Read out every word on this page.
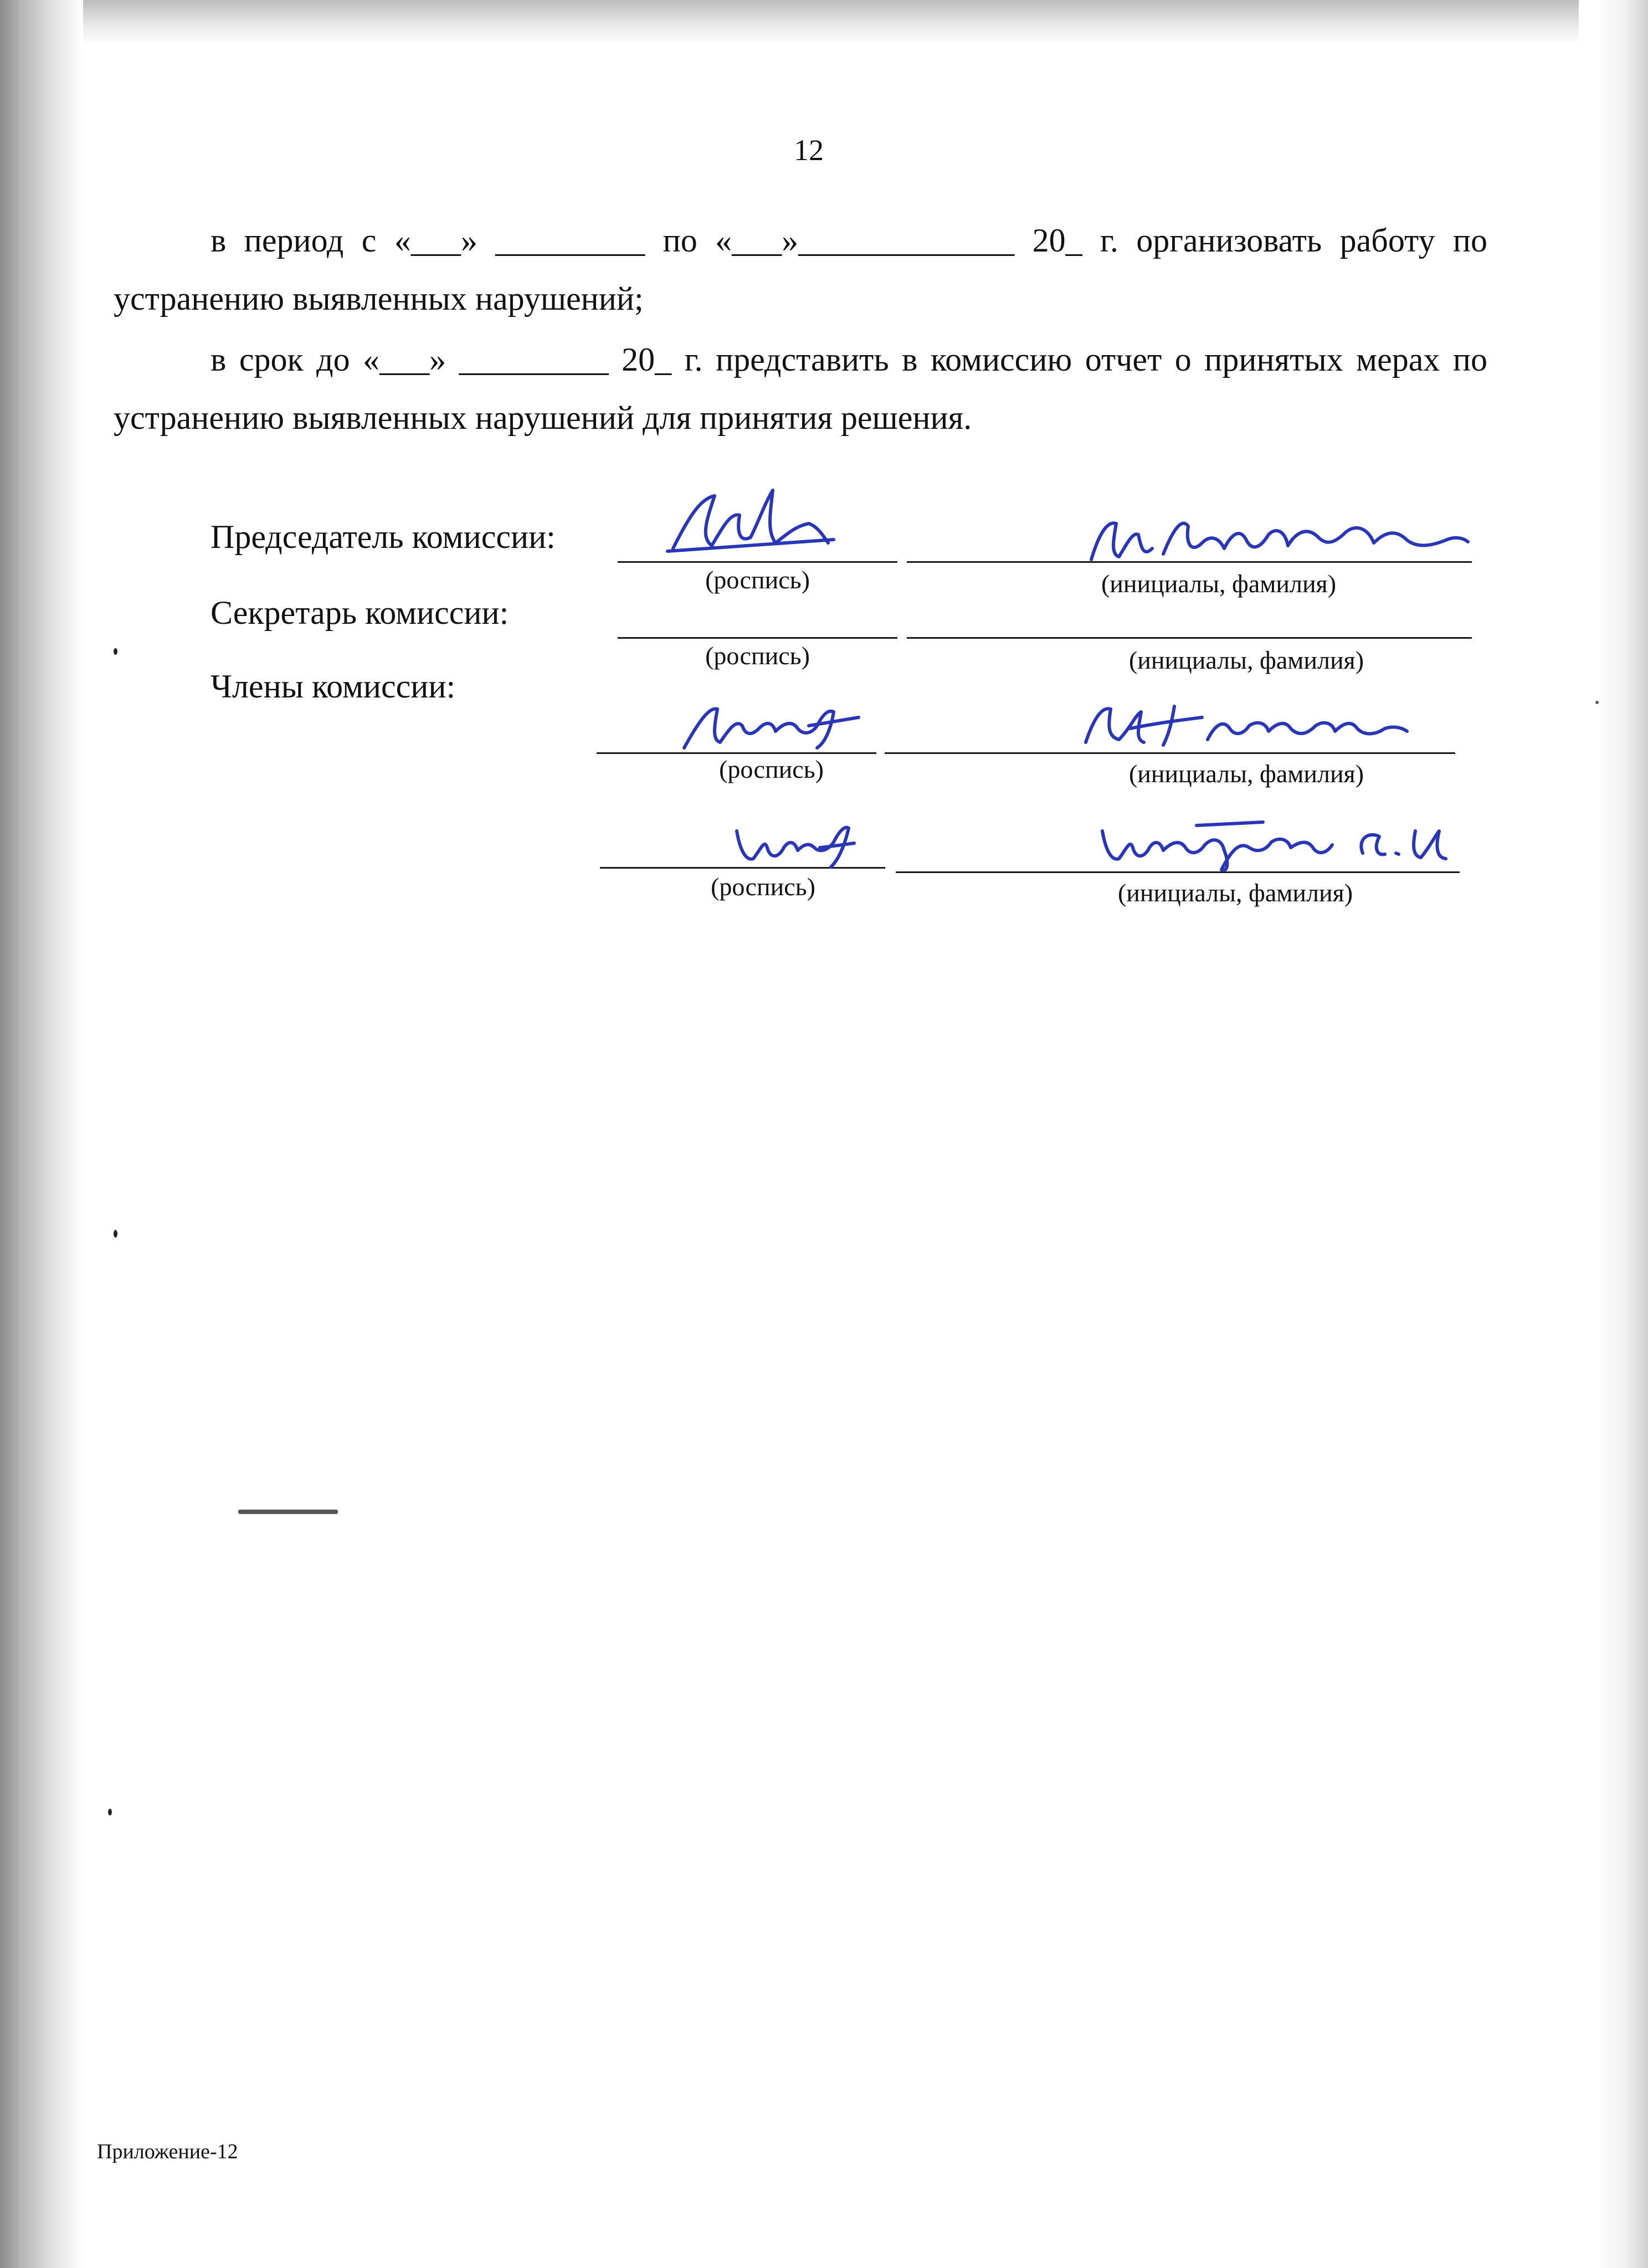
12

в период с «___» _________ по «___»_____________ 20_ г. организовать работу по устранению выявленных нарушений;

в срок до «___» _________ 20_ г. представить в комиссию отчет о принятых мерах по устранению выявленных нарушений для принятия решения.

Председатель комиссии:
(роспись)	(инициалы, фамилия)
Секретарь комиссии:
(роспись)	(инициалы, фамилия)
Члены комиссии:
(роспись)	(инициалы, фамилия)
(роспись)	(инициалы, фамилия)
Приложение-12
